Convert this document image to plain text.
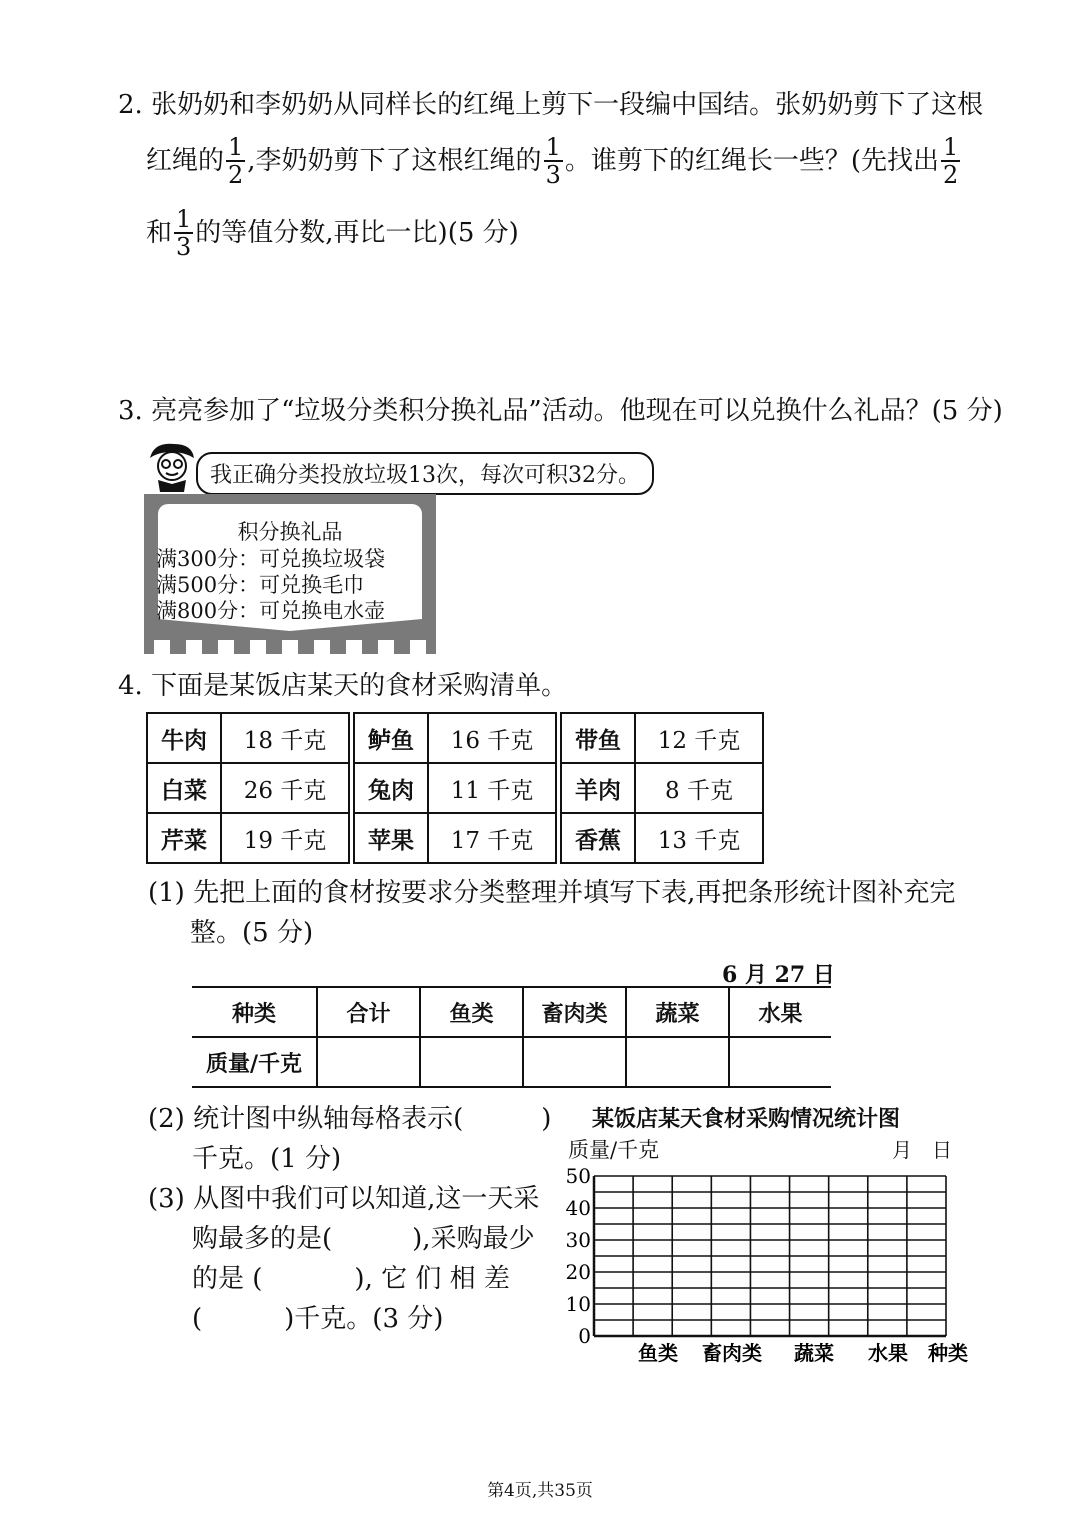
2. 张奶奶和李奶奶从同样长的红绳上剪下一段编中国结。张奶奶剪下了这根
红绳的 $\frac{1}{2}$ ,李奶奶剪下了这根红绳的 $\frac{1}{3}$ 。谁剪下的红绳长一些？(先找出 $\frac{1}{2}$
和 $\frac{1}{3}$ 的等值分数,再比一比)(5 分)
3. 亮亮参加了“垃圾分类积分换礼品”活动。他现在可以兑换什么礼品？(5 分)
我正确分类投放垃圾13次，每次可积32分。
积分换礼品
满300分：可兑换垃圾袋
满500分：可兑换毛巾
满800分：可兑换电水壶
4. 下面是某饭店某天的食材采购清单。
牛肉	18 千克		鲈鱼	16 千克		带鱼	12 千克
白菜	26 千克		兔肉	11 千克		羊肉	8 千克
芹菜	19 千克		苹果	17 千克		香蕉	13 千克
(1) 先把上面的食材按要求分类整理并填写下表,再把条形统计图补充完
整。(5 分)
6 月 27 日
种类	合计	鱼类	畜肉类	蔬菜	水果
质量/千克					
(2) 统计图中纵轴每格表示(	)
千克。(1 分)
(3) 从图中我们可以知道,这一天采
购最多的是(	),采购最少
的是 (	), 它 们 相 差
(	)千克。(3 分)
某饭店某天食材采购情况统计图
质量/千克	月　日
50
40
30
20
10
0
鱼类 畜肉类 蔬菜 水果 种类
第4页,共35页
